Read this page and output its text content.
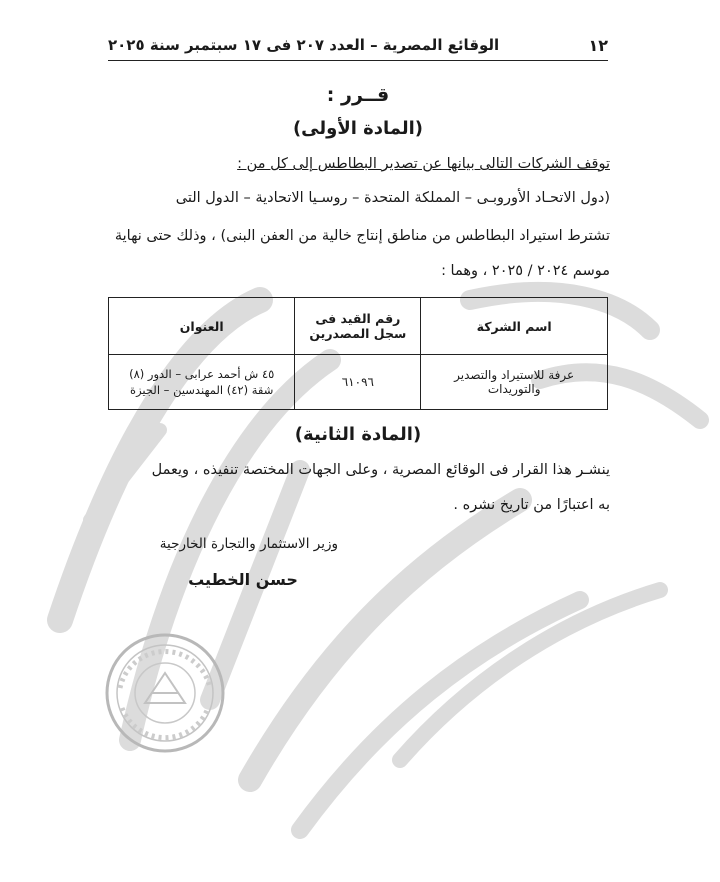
١٢
الوقائع المصرية – العدد ٢٠٧ فى ١٧ سبتمبر سنة ٢٠٢٥
قــرر :
(المادة الأولى)
توقف الشركات التالى بيانها عن تصدير البطاطس إلى كل من :
(دول الاتحـاد الأوروبـى – المملكة المتحدة – روسـيا الاتحادية – الدول التى
تشترط استيراد البطاطس من مناطق إنتاج خالية من العفن البنى) ، وذلك حتى نهاية
موسم ٢٠٢٤ / ٢٠٢٥ ، وهما :
اسم الشركة	رقم القيد فى سجل المصدرين	العنوان
عرفة للاستيراد والتصدير والتوريدات	٦١٠٩٦	٤٥ ش أحمد عرابى – الدور (٨)
شقة (٤٢) المهندسين – الجيزة
(المادة الثانية)
ينشـر هذا القرار فى الوقائع المصرية ، وعلى الجهات المختصة تنفيذه ، ويعمل
به اعتبارًا من تاريخ نشره .
وزير الاستثمار والتجارة الخارجية
حسن الخطيب
